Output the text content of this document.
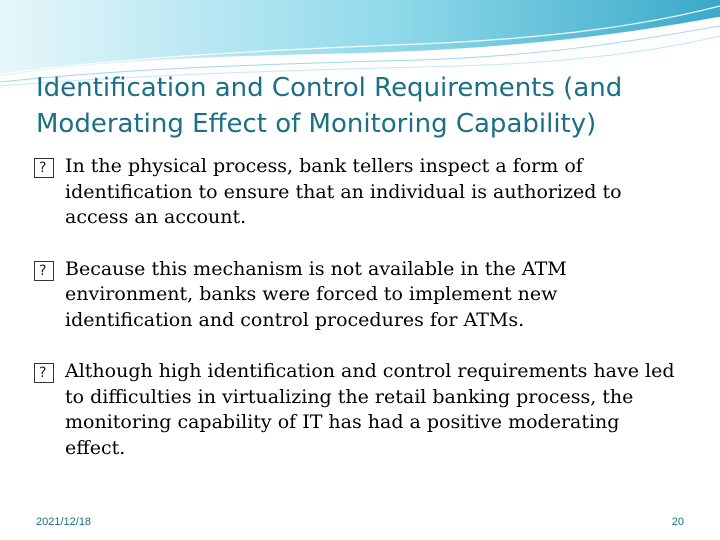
Identification and Control Requirements (and Moderating Effect of Monitoring Capability)
?
In the physical process, bank tellers inspect a form of identification to ensure that an individual is authorized to access an account.
?
Because this mechanism is not available in the ATM environment, banks were forced to implement new identification and control procedures for ATMs.
?
Although high identification and control requirements have led to difficulties in virtualizing the retail banking process, the monitoring capability of IT has had a positive moderating effect.
2021/12/18	20
